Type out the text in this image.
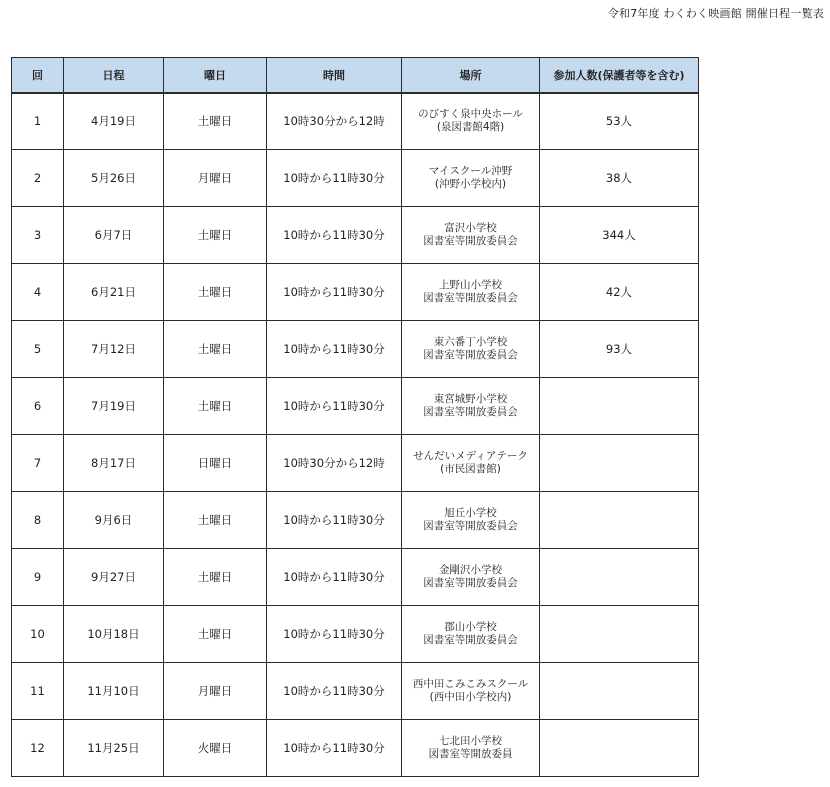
令和7年度 わくわく映画館 開催日程一覧表
回	日程	曜日	時間	場所	参加人数(保護者等を含む)
1	4月19日	土曜日	10時30分から12時	のびすく泉中央ホール
(泉図書館4階)	53人
2	5月26日	月曜日	10時から11時30分	マイスクール沖野
(沖野小学校内)	38人
3	6月7日	土曜日	10時から11時30分	富沢小学校
図書室等開放委員会	344人
4	6月21日	土曜日	10時から11時30分	上野山小学校
図書室等開放委員会	42人
5	7月12日	土曜日	10時から11時30分	東六番丁小学校
図書室等開放委員会	93人
6	7月19日	土曜日	10時から11時30分	東宮城野小学校
図書室等開放委員会	

7	8月17日	日曜日	10時30分から12時	せんだいメディアテーク
(市民図書館)	

8	9月6日	土曜日	10時から11時30分	旭丘小学校
図書室等開放委員会	

9	9月27日	土曜日	10時から11時30分	金剛沢小学校
図書室等開放委員会	

10	10月18日	土曜日	10時から11時30分	郡山小学校
図書室等開放委員会	

11	11月10日	月曜日	10時から11時30分	西中田こみこみスクール
(西中田小学校内)	

12	11月25日	火曜日	10時から11時30分	七北田小学校
図書室等開放委員	
